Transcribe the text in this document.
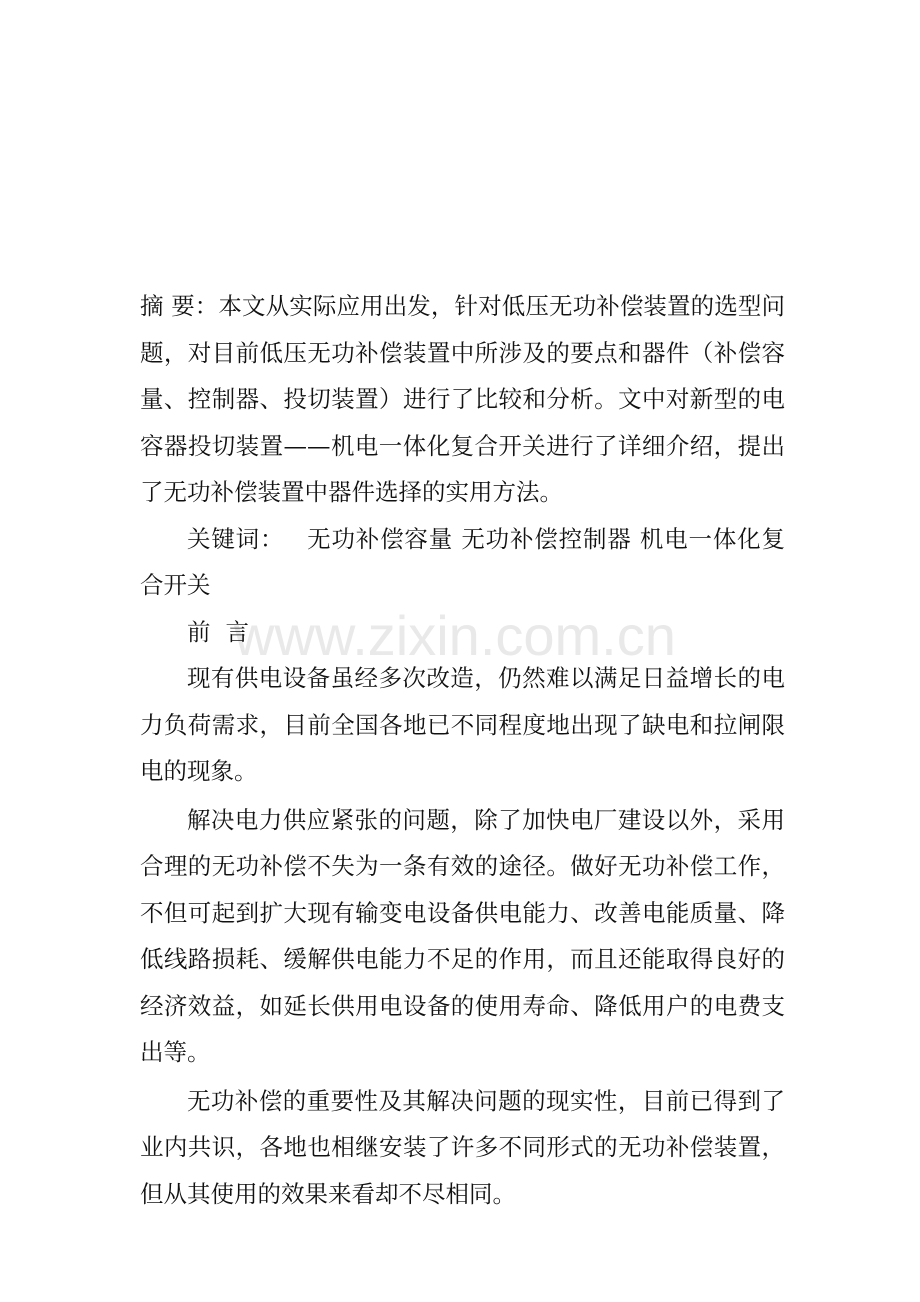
www.zixin.com.cn

摘 要：本文从实际应用出发，针对低压无功补偿装置的选型问题，对目前低压无功补偿装置中所涉及的要点和器件（补偿容量、控制器、投切装置）进行了比较和分析。文中对新型的电容器投切装置——机电一体化复合开关进行了详细介绍，提出了无功补偿装置中器件选择的实用方法。

关键词： 无功补偿容量 无功补偿控制器 机电一体化复合开关

前  言

现有供电设备虽经多次改造，仍然难以满足日益增长的电力负荷需求，目前全国各地已不同程度地出现了缺电和拉闸限电的现象。

解决电力供应紧张的问题，除了加快电厂建设以外，采用合理的无功补偿不失为一条有效的途径。做好无功补偿工作，不但可起到扩大现有输变电设备供电能力、改善电能质量、降低线路损耗、缓解供电能力不足的作用，而且还能取得良好的经济效益，如延长供用电设备的使用寿命、降低用户的电费支出等。

无功补偿的重要性及其解决问题的现实性，目前已得到了业内共识，各地也相继安装了许多不同形式的无功补偿装置，但从其使用的效果来看却不尽相同。
